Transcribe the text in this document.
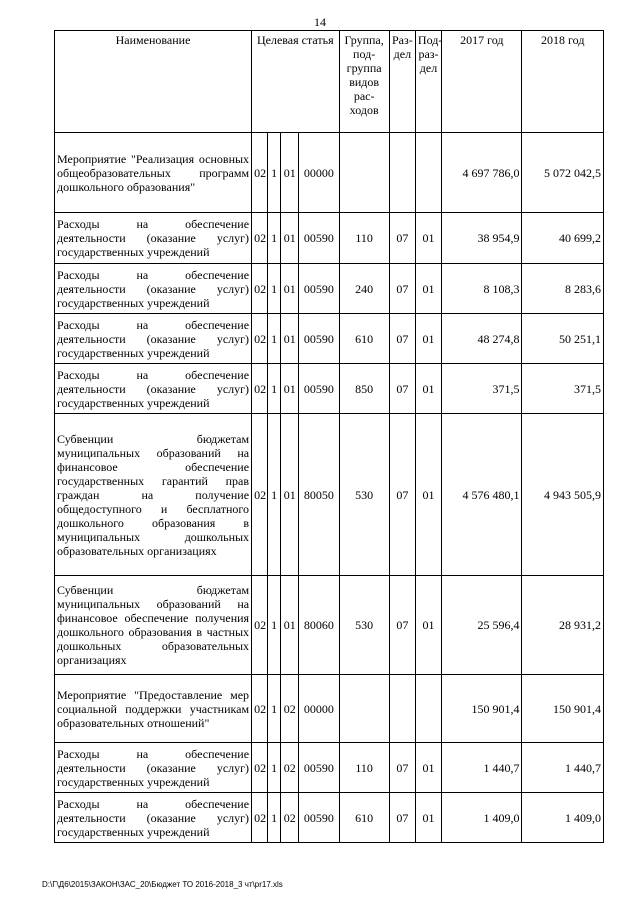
14
Наименование	Целевая статья				Группа, под-группа видов рас-ходов	Раз-дел	Под-раз-дел	2017 год	2018 год
Мероприятие "Реализация основных общеобразовательных программ дошкольного образования"	02	1	01	00000				4 697 786,0	5 072 042,5
Расходы на обеспечение деятельности (оказание услуг) государственных учреждений	02	1	01	00590	110	07	01	38 954,9	40 699,2
Расходы на обеспечение деятельности (оказание услуг) государственных учреждений	02	1	01	00590	240	07	01	8 108,3	8 283,6
Расходы на обеспечение деятельности (оказание услуг) государственных учреждений	02	1	01	00590	610	07	01	48 274,8	50 251,1
Расходы на обеспечение деятельности (оказание услуг) государственных учреждений	02	1	01	00590	850	07	01	371,5	371,5
Субвенции бюджетам муниципальных образований на финансовое обеспечение государственных гарантий прав граждан на получение общедоступного и бесплатного дошкольного образования в муниципальных дошкольных образовательных организациях	02	1	01	80050	530	07	01	4 576 480,1	4 943 505,9
Субвенции бюджетам муниципальных образований на финансовое обеспечение получения дошкольного образования в частных дошкольных образовательных организациях	02	1	01	80060	530	07	01	25 596,4	28 931,2
Мероприятие "Предоставление мер социальной поддержки участникам образовательных отношений"	02	1	02	00000				150 901,4	150 901,4
Расходы на обеспечение деятельности (оказание услуг) государственных учреждений	02	1	02	00590	110	07	01	1 440,7	1 440,7
Расходы на обеспечение деятельности (оказание услуг) государственных учреждений	02	1	02	00590	610	07	01	1 409,0	1 409,0
D:\Г\Д6\2015\ЗАКОН\ЗАС_20\Бюджет ТО 2016-2018_3 чт\pr17.xls
